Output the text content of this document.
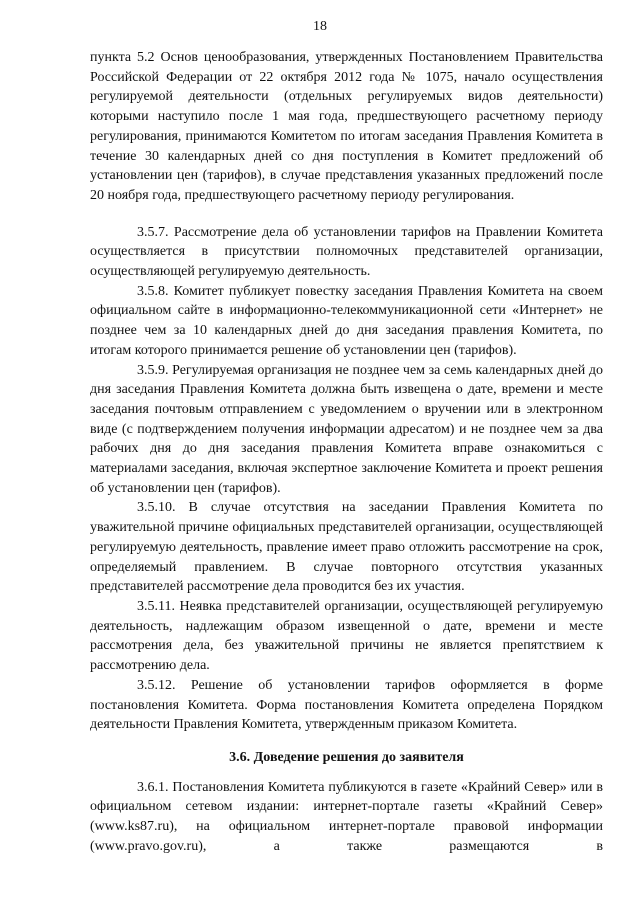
18

пункта 5.2 Основ ценообразования, утвержденных Постановлением Правительства Российской Федерации от 22 октября 2012 года № 1075, начало осуществления регулируемой деятельности (отдельных регулируемых видов деятельности) которыми наступило после 1 мая года, предшествующего расчетному периоду регулирования, принимаются Комитетом по итогам заседания Правления Комитета в течение 30 календарных дней со дня поступления в Комитет предложений об установлении цен (тарифов), в случае представления указанных предложений после 20 ноября года, предшествующего расчетному периоду регулирования.

3.5.7. Рассмотрение дела об установлении тарифов на Правлении Комитета осуществляется в присутствии полномочных представителей организации, осуществляющей регулируемую деятельность.

3.5.8. Комитет публикует повестку заседания Правления Комитета на своем официальном сайте в информационно-телекоммуникационной сети «Интернет» не позднее чем за 10 календарных дней до дня заседания правления Комитета, по итогам которого принимается решение об установлении цен (тарифов).

3.5.9. Регулируемая организация не позднее чем за семь календарных дней до дня заседания Правления Комитета должна быть извещена о дате, времени и месте заседания почтовым отправлением с уведомлением о вручении или в электронном виде (с подтверждением получения информации адресатом) и не позднее чем за два рабочих дня до дня заседания правления Комитета вправе ознакомиться с материалами заседания, включая экспертное заключение Комитета и проект решения об установлении цен (тарифов).

3.5.10. В случае отсутствия на заседании Правления Комитета по уважительной причине официальных представителей организации, осуществляющей регулируемую деятельность, правление имеет право отложить рассмотрение на срок, определяемый правлением. В случае повторного отсутствия указанных представителей рассмотрение дела проводится без их участия.

3.5.11. Неявка представителей организации, осуществляющей регулируемую деятельность, надлежащим образом извещенной о дате, времени и месте рассмотрения дела, без уважительной причины не является препятствием к рассмотрению дела.

3.5.12. Решение об установлении тарифов оформляется в форме постановления Комитета. Форма постановления Комитета определена Порядком деятельности Правления Комитета, утвержденным приказом Комитета.

3.6. Доведение решения до заявителя

3.6.1. Постановления Комитета публикуются в газете «Крайний Север» или в официальном сетевом издании: интернет-портале газеты «Крайний Север» (www.ks87.ru), на официальном интернет-портале правовой информации (www.pravo.gov.ru), а также размещаются в
